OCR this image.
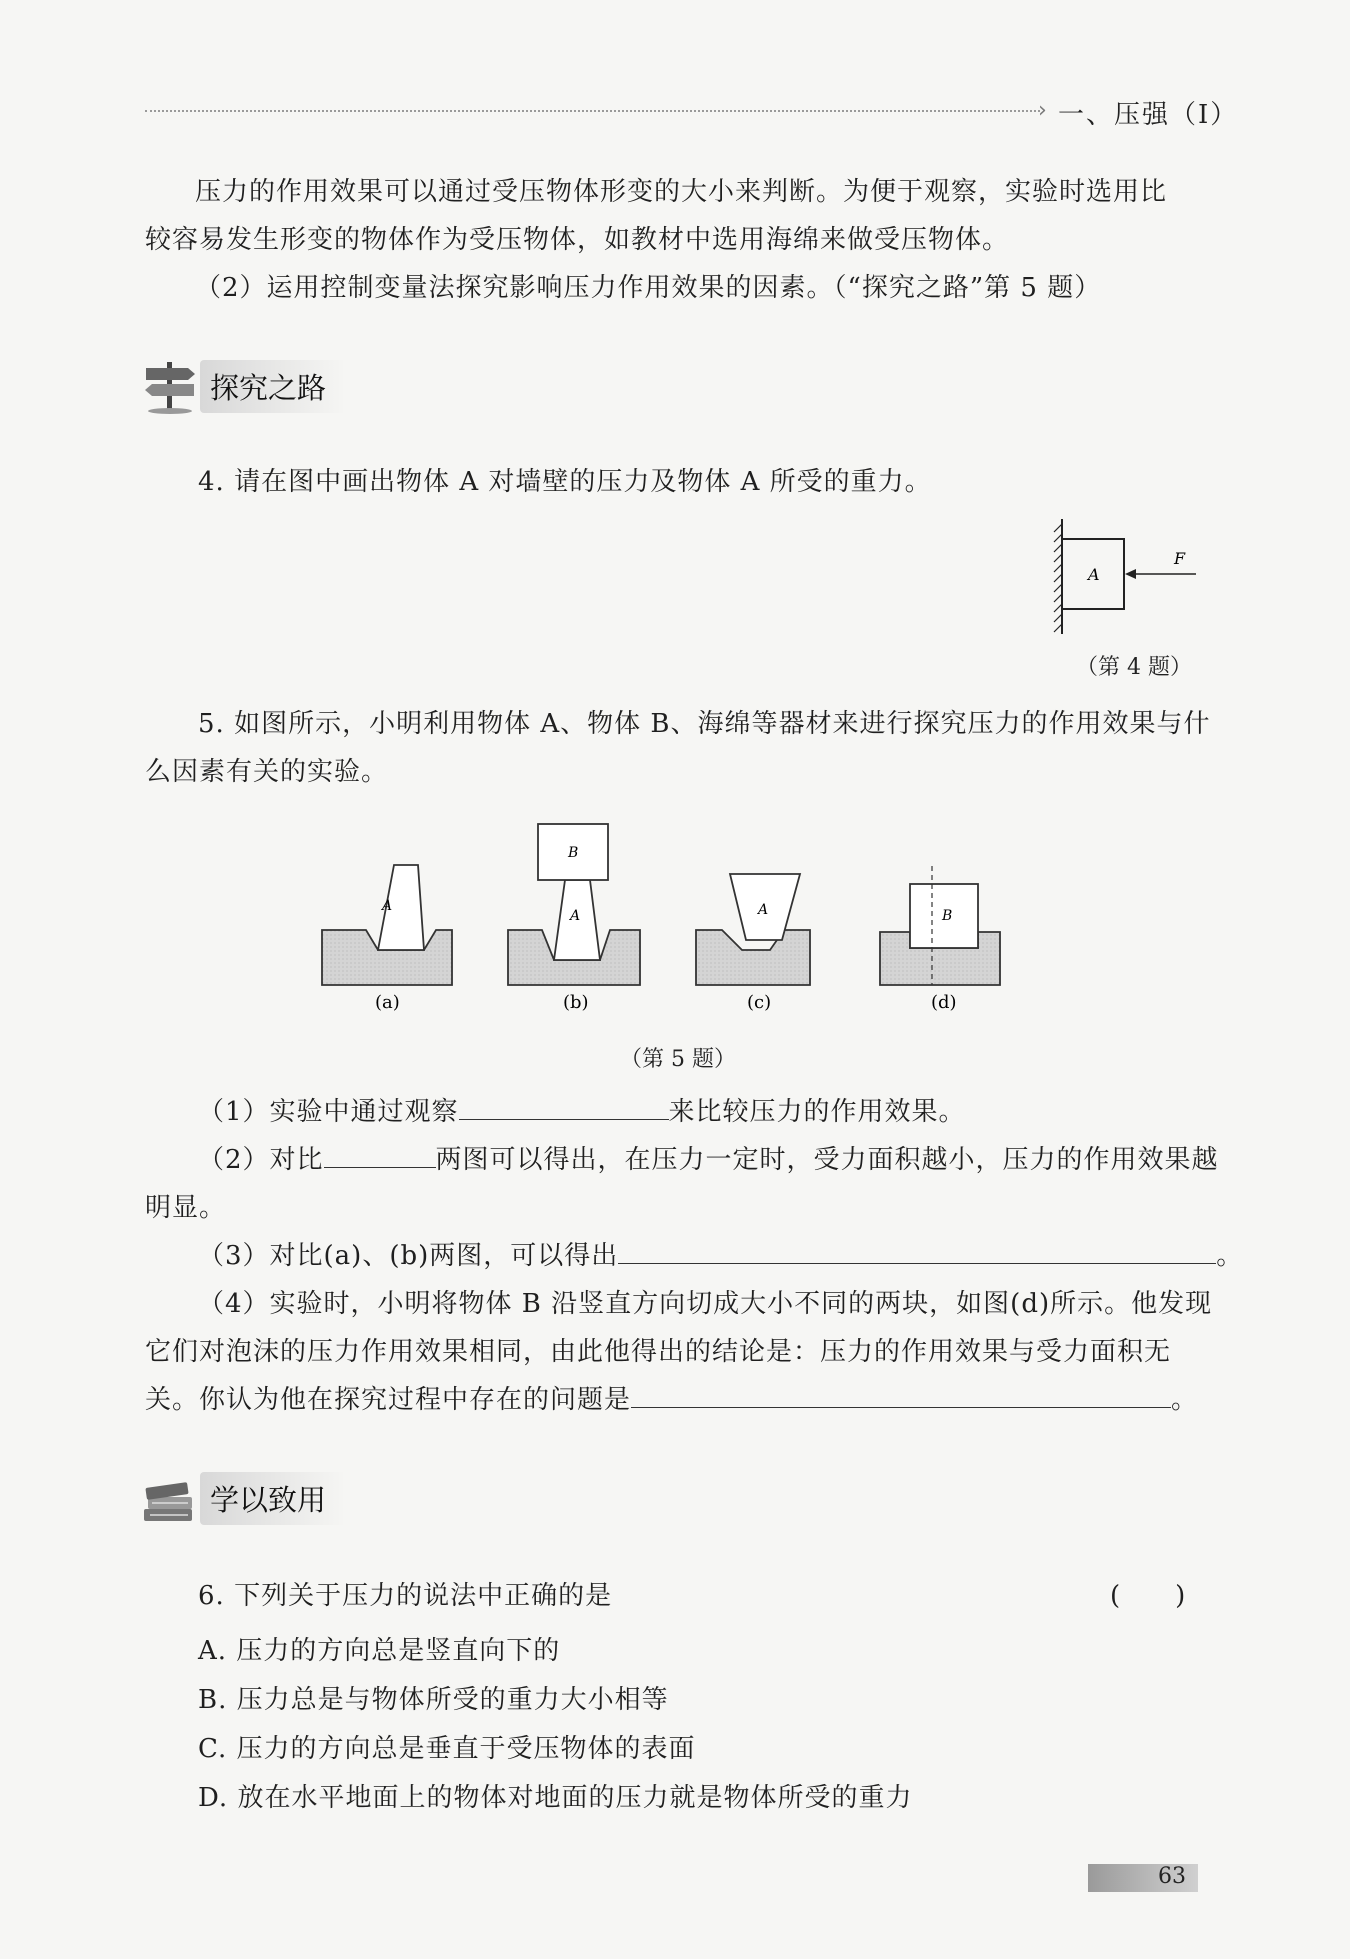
› 一、压强（Ⅰ）
压力的作用效果可以通过受压物体形变的大小来判断。为便于观察，实验时选用比
较容易发生形变的物体作为受压物体，如教材中选用海绵来做受压物体。
（2）运用控制变量法探究影响压力作用效果的因素。（“探究之路”第 5 题）
探究之路
4. 请在图中画出物体 A 对墙壁的压力及物体 A 所受的重力。
A
F
（第 4 题）
5. 如图所示，小明利用物体 A、物体 B、海绵等器材来进行探究压力的作用效果与什
么因素有关的实验。
A
B
A	A	B
(a)	(b)	(c)	(d)
（第 5 题）
（1）实验中通过观察	来比较压力的作用效果。
（2）对比	两图可以得出，在压力一定时，受力面积越小，压力的作用效果越
明显。
（3）对比(a)、(b)两图，可以得出	。
（4）实验时，小明将物体 B 沿竖直方向切成大小不同的两块，如图(d)所示。他发现
它们对泡沫的压力作用效果相同，由此他得出的结论是：压力的作用效果与受力面积无
关。你认为他在探究过程中存在的问题是	。
学以致用
6. 下列关于压力的说法中正确的是	(　　)
A. 压力的方向总是竖直向下的
B. 压力总是与物体所受的重力大小相等
C. 压力的方向总是垂直于受压物体的表面
D. 放在水平地面上的物体对地面的压力就是物体所受的重力
63
